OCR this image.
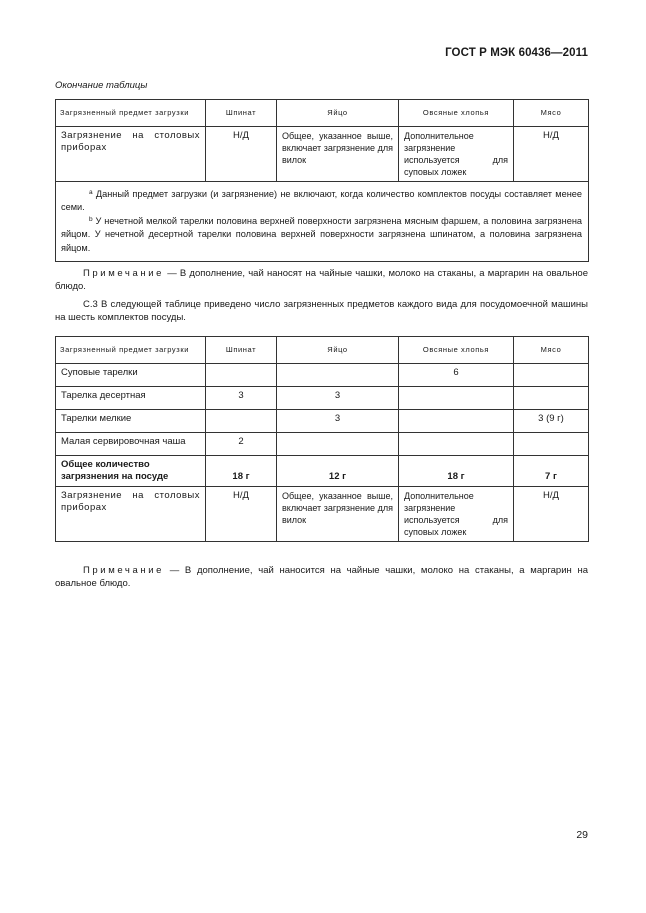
ГОСТ Р МЭК 60436—2011
Окончание таблицы
Загрязненный предмет загрузки	Шпинат	Яйцо	Овсяные хлопья	Мясо
Загрязнение на столовых приборах	Н/Д	Общее, указанное выше, включает загрязнение для вилок	Дополнительное загрязнение используется для суповых ложек	Н/Д

$^a$ Данный предмет загрузки (и загрязнение) не включают, когда количество комплектов посуды составляет менее семи.

$^b$ У нечетной мелкой тарелки половина верхней поверхности загрязнена мясным фаршем, а половина загрязнена яйцом. У нечетной десертной тарелки половина верхней поверхности загрязнена шпинатом, а половина загрязнена яйцом.				

Примечание — В дополнение, чай наносят на чайные чашки, молоко на стаканы, а маргарин на овальное блюдо.

С.3 В следующей таблице приведено число загрязненных предметов каждого вида для посудомоечной машины на шесть комплектов посуды.

Загрязненный предмет загрузки	Шпинат	Яйцо	Овсяные хлопья	Мясо
Суповые тарелки			6	
Тарелка десертная	3	3		
Тарелки мелкие		3		3 (9 г)
Малая сервировочная чаша	2			
Общее количество загрязнения на посуде	18 г	12 г	18 г	7 г
Загрязнение на столовых приборах	Н/Д	Общее, указанное выше, включает загрязнение для вилок	Дополнительное загрязнение используется для суповых ложек	Н/Д

Примечание — В дополнение, чай наносится на чайные чашки, молоко на стаканы, а маргарин на овальное блюдо.

29
